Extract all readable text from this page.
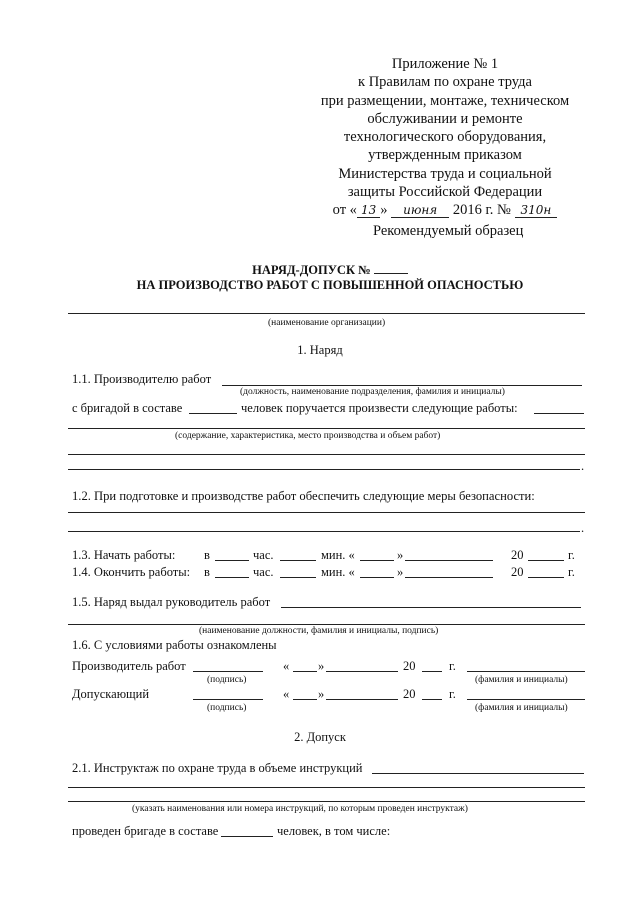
Приложение № 1
к Правилам по охране труда
при размещении, монтаже, техническом
обслуживании и ремонте
технологического оборудования,
утвержденным приказом
Министерства труда и социальной
защиты Российской Федерации
от « 13 » июня 2016 г. № 310н
Рекомендуемый образец
НАРЯД-ДОПУСК №
НА ПРОИЗВОДСТВО РАБОТ С ПОВЫШЕННОЙ ОПАСНОСТЬЮ
(наименование организации)
1. Наряд
1.1. Производителю работ
(должность, наименование подразделения, фамилия и инициалы)
с бригадой в составе	человек поручается произвести следующие работы:
(содержание, характеристика, место производства и объем работ)
.
1.2. При подготовке и производстве работ обеспечить следующие меры безопасности:
.
1.3. Начать работы: в	час.	мин. «	»	20	г.
1.4. Окончить работы: в	час.	мин. «	»	20	г.
1.5. Наряд выдал руководитель работ
(наименование должности, фамилия и инициалы, подпись)
1.6. С условиями работы ознакомлены
Производитель работ	« »	20	г.
(подпись)	(фамилия и инициалы)
Допускающий	« »	20	г.
(подпись)	(фамилия и инициалы)
2. Допуск
2.1. Инструктаж по охране труда в объеме инструкций
(указать наименования или номера инструкций, по которым проведен инструктаж)
проведен бригаде в составе	человек, в том числе:
